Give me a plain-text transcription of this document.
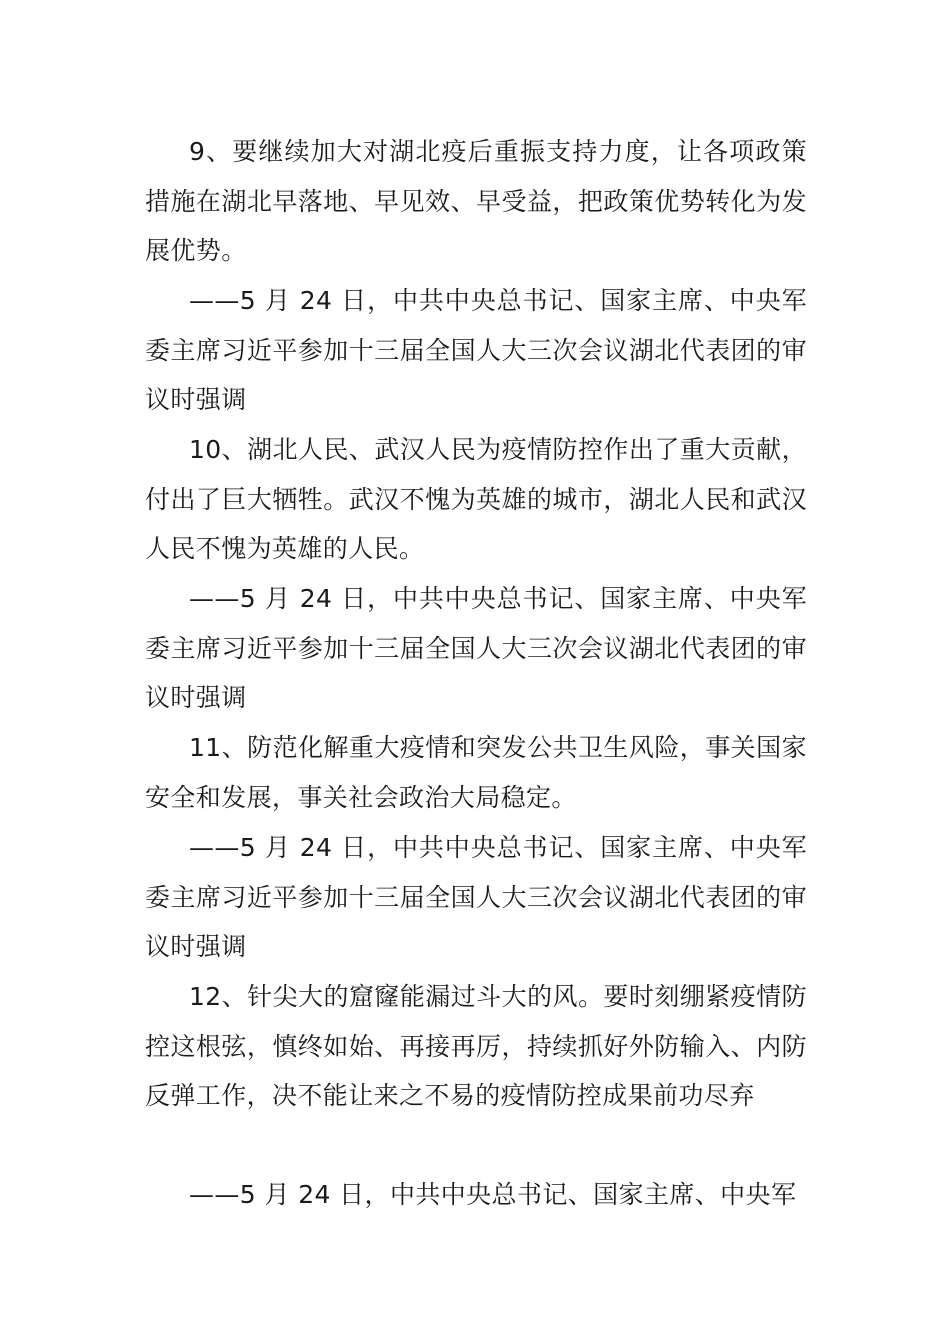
9、要继续加大对湖北疫后重振支持力度，让各项政策措施在湖北早落地、早见效、早受益，把政策优势转化为发展优势。

——5 月 24 日，中共中央总书记、国家主席、中央军委主席习近平参加十三届全国人大三次会议湖北代表团的审议时强调

10、湖北人民、武汉人民为疫情防控作出了重大贡献，付出了巨大牺牲。武汉不愧为英雄的城市，湖北人民和武汉人民不愧为英雄的人民。

——5 月 24 日，中共中央总书记、国家主席、中央军委主席习近平参加十三届全国人大三次会议湖北代表团的审议时强调

11、防范化解重大疫情和突发公共卫生风险，事关国家安全和发展，事关社会政治大局稳定。

——5 月 24 日，中共中央总书记、国家主席、中央军委主席习近平参加十三届全国人大三次会议湖北代表团的审议时强调

12、针尖大的窟窿能漏过斗大的风。要时刻绷紧疫情防控这根弦，慎终如始、再接再厉，持续抓好外防输入、内防反弹工作，决不能让来之不易的疫情防控成果前功尽弃

——5 月 24 日，中共中央总书记、国家主席、中央军
